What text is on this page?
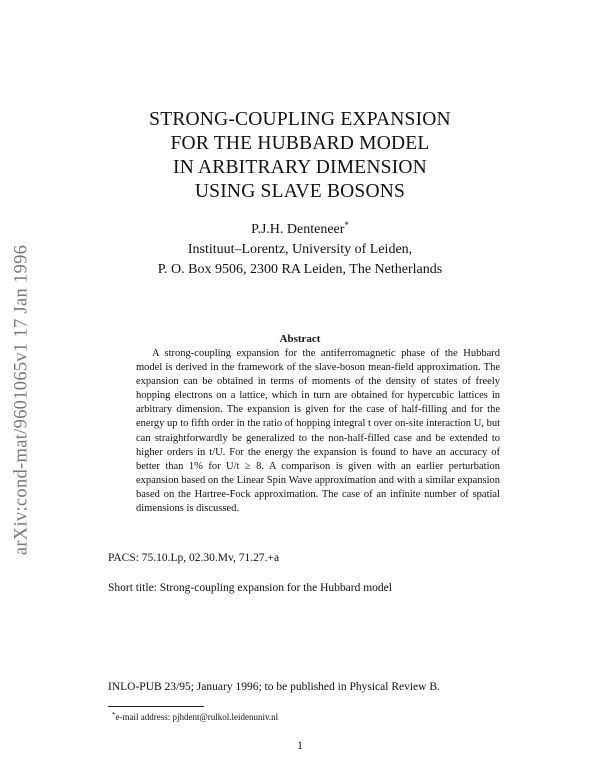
arXiv:cond-mat/9601065v1 17 Jan 1996
STRONG-COUPLING EXPANSION
FOR THE HUBBARD MODEL
IN ARBITRARY DIMENSION
USING SLAVE BOSONS
P.J.H. Denteneer*
Instituut–Lorentz, University of Leiden,
P. O. Box 9506, 2300 RA Leiden, The Netherlands
Abstract
A strong-coupling expansion for the antiferromagnetic phase of the Hubbard model is derived in the framework of the slave-boson mean-field approximation. The expansion can be obtained in terms of moments of the density of states of freely hopping electrons on a lattice, which in turn are obtained for hypercubic lattices in arbitrary dimension. The expansion is given for the case of half-filling and for the energy up to fifth order in the ratio of hopping integral t over on-site interaction U, but can straightforwardly be generalized to the non-half-filled case and be extended to higher orders in t/U. For the energy the expansion is found to have an accuracy of better than 1% for U/t ≥ 8. A comparison is given with an earlier perturbation expansion based on the Linear Spin Wave approximation and with a similar expansion based on the Hartree-Fock approximation. The case of an infinite number of spatial dimensions is discussed.
PACS: 75.10.Lp, 02.30.Mv, 71.27.+a
Short title: Strong-coupling expansion for the Hubbard model
INLO-PUB 23/95; January 1996; to be published in Physical Review B.
*e-mail address: pjhdent@rulkol.leidenuniv.nl
1
